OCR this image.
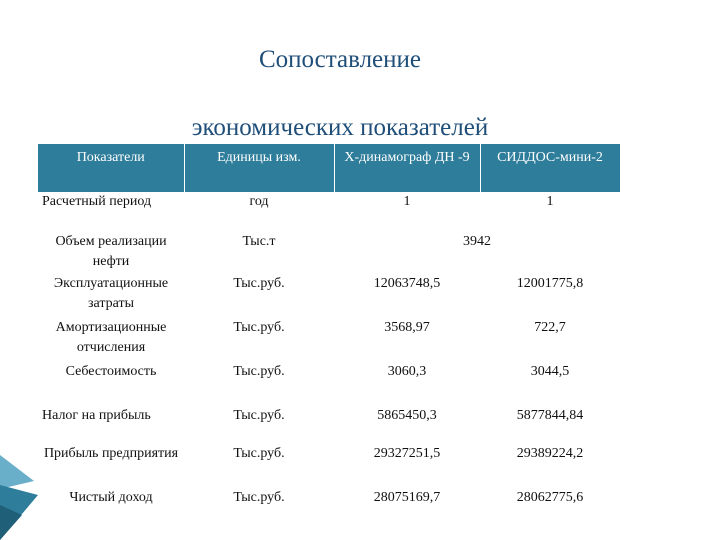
Сопоставление
экономических показателей
Показатели	Единицы изм.	Х-динамограф ДН -9	СИДДОС-мини-2
Расчетный период	год	1	1
Объем реализации нефти	Тыс.т	3942	
Эксплуатационные затраты	Тыс.руб.	12063748,5	12001775,8
Амортизационные отчисления	Тыс.руб.	3568,97	722,7
Себестоимость	Тыс.руб.	3060,3	3044,5
Налог на прибыль	Тыс.руб.	5865450,3	5877844,84
Прибыль предприятия	Тыс.руб.	29327251,5	29389224,2
Чистый доход	Тыс.руб.	28075169,7	28062775,6
